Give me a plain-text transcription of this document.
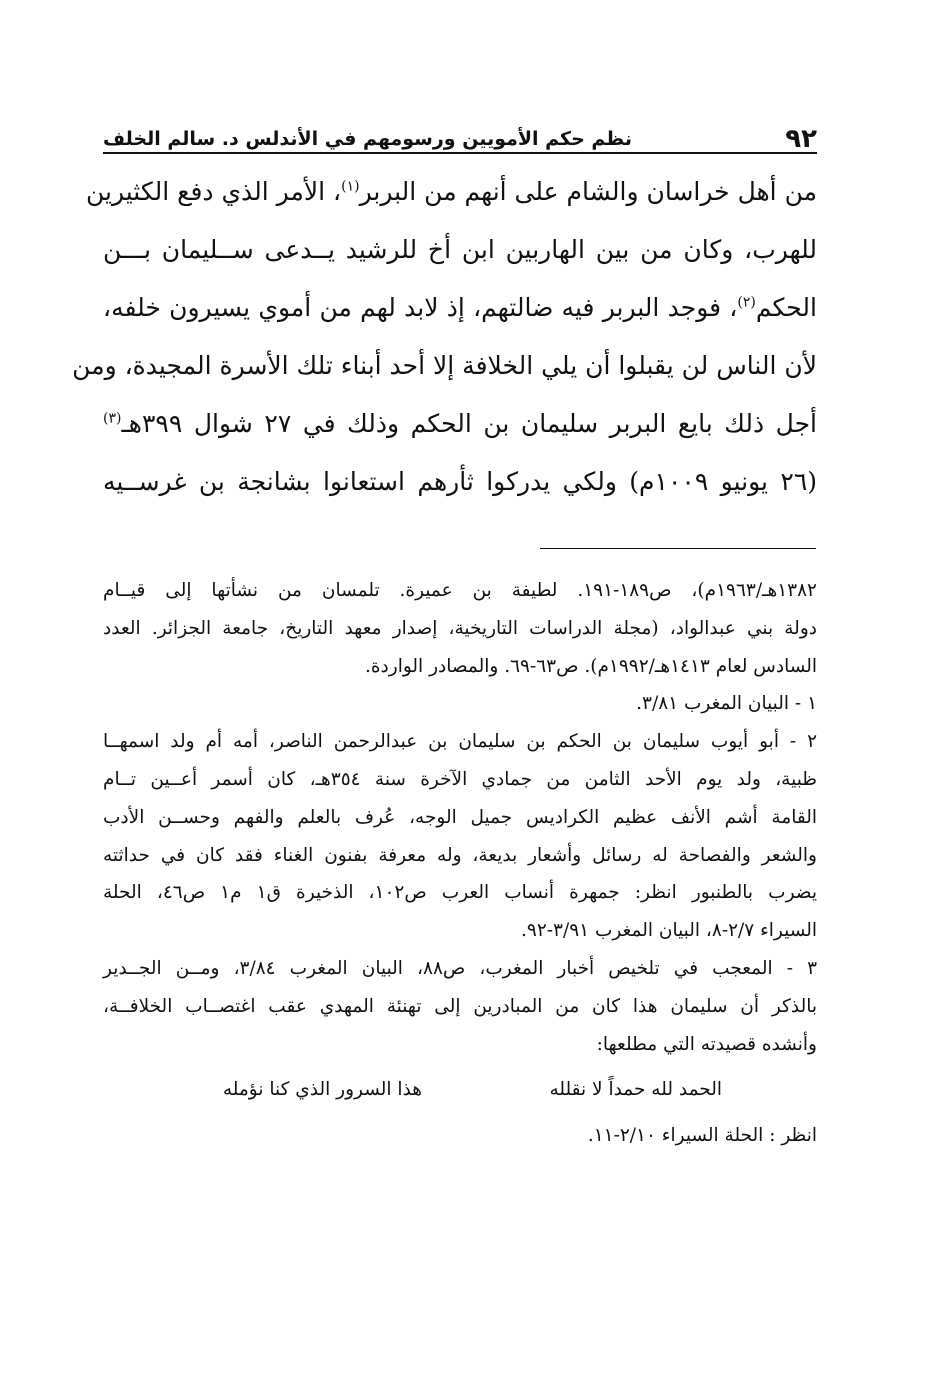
٩٢
نظم حكم الأمويين ورسومهم في الأندلس د. سالم الخلف
من أهل خراسان والشام على أنهم من البربر$^{(١)}$، الأمر الذي دفع الكثيرين
للهرب، وكان من بين الهاربين ابن أخ للرشيد يــدعى ســليمان بـــن
الحكم$^{(٢)}$، فوجد البربر فيه ضالتهم، إذ لابد لهم من أموي يسيرون خلفه،
لأن الناس لن يقبلوا أن يلي الخلافة إلا أحد أبناء تلك الأسرة المجيدة، ومن
أجل ذلك بايع البربر سليمان بن الحكم وذلك في ٢٧ شوال ٣٩٩هـ$^{(٣)}$
(٢٦ يونيو ١٠٠٩م) ولكي يدركوا ثأرهم استعانوا بشانجة بن غرســيه
١٣٨٢هـ/١٩٦٣م)، ص١٨٩-١٩١. لطيفة بن عميرة. تلمسان من نشأتها إلى قيــام
دولة بني عبدالواد، (مجلة الدراسات التاريخية، إصدار معهد التاريخ، جامعة الجزائر. العدد
السادس لعام ١٤١٣هـ/١٩٩٢م). ص٦٣-٦٩. والمصادر الواردة.
١ - البيان المغرب ٣/٨١.
٢ - أبو أيوب سليمان بن الحكم بن سليمان بن عبدالرحمن الناصر، أمه أم ولد اسمهــا
ظبية، ولد يوم الأحد الثامن من جمادي الآخرة سنة ٣٥٤هـ، كان أسمر أعــين تــام
القامة أشم الأنف عظيم الكراديس جميل الوجه، عُرف بالعلم والفهم وحســن الأدب
والشعر والفصاحة له رسائل وأشعار بديعة، وله معرفة بفنون الغناء فقد كان في حداثته
يضرب بالطنبور انظر: جمهرة أنساب العرب ص١٠٢، الذخيرة ق١ م١ ص٤٦، الحلة
السيراء ٢/٧-٨، البيان المغرب ٣/٩١-٩٢.
٣ - المعجب في تلخيص أخبار المغرب، ص٨٨، البيان المغرب ٣/٨٤، ومــن الجــدير
بالذكر أن سليمان هذا كان من المبادرين إلى تهنئة المهدي عقب اغتصــاب الخلافــة،
وأنشده قصيدته التي مطلعها:
الحمد لله حمداً لا نقلله
هذا السرور الذي كنا نؤمله
انظر : الحلة السيراء ٢/١٠-١١.
